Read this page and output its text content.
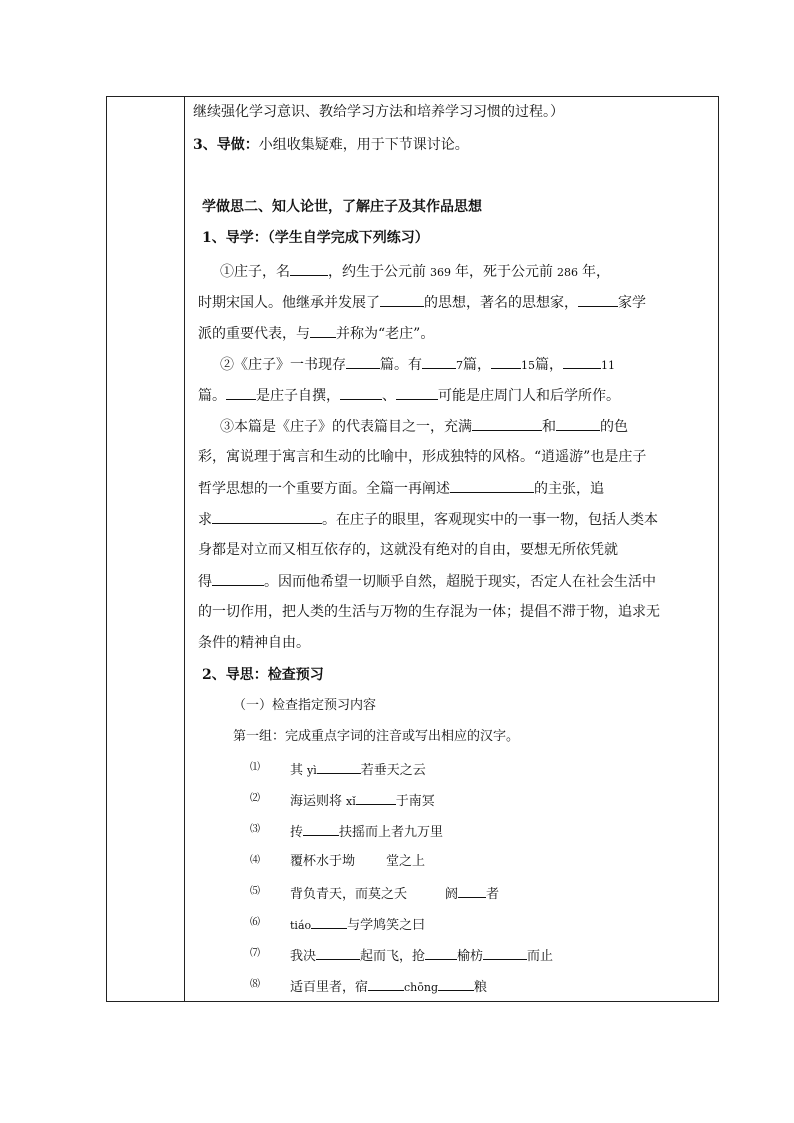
继续强化学习意识、教给学习方法和培养学习习惯的过程。）
3、导做：小组收集疑难，用于下节课讨论。
学做思二、知人论世，了解庄子及其作品思想
1、导学：（学生自学完成下列练习）
①庄子，名	，约生于公元前 369 年，死于公元前 286 年，
时期宋国人。他继承并发展了	的思想，著名的思想家，	家学
派的重要代表，与 并称为“老庄”。
②《庄子》一书现存 篇。有	7篇，	15篇，	11
篇。 是庄子自撰，	、	可能是庄周门人和后学所作。
③本篇是《庄子》的代表篇目之一，充满	和	的色
彩，寓说理于寓言和生动的比喻中，形成独特的风格。“逍遥游”也是庄子
哲学思想的一个重要方面。全篇一再阐述	的主张，追
求	。在庄子的眼里，客观现实中的一事一物，包括人类本
身都是对立而又相互依存的，这就没有绝对的自由，要想无所依凭就
得	。因而他希望一切顺乎自然，超脱于现实，否定人在社会生活中
的一切作用，把人类的生活与万物的生存混为一体；提倡不滞于物，追求无
条件的精神自由。
2、导思：检查预习
（一）检查指定预习内容
第一组：完成重点字词的注音或写出相应的汉字。
⑴ 其 yì	若垂天之云
⑵ 海运则将 xǐ	于南冥
⑶ 抟	扶摇而上者九万里
⑷ 覆杯水于坳 堂之上
⑸ 背负青天，而莫之夭	阏 者
⑹	tiáo	与学鸠笑之曰
⑺ 我决	起而飞，抢 榆枋	而止
⑻ 适百里者，宿	chōng	粮
